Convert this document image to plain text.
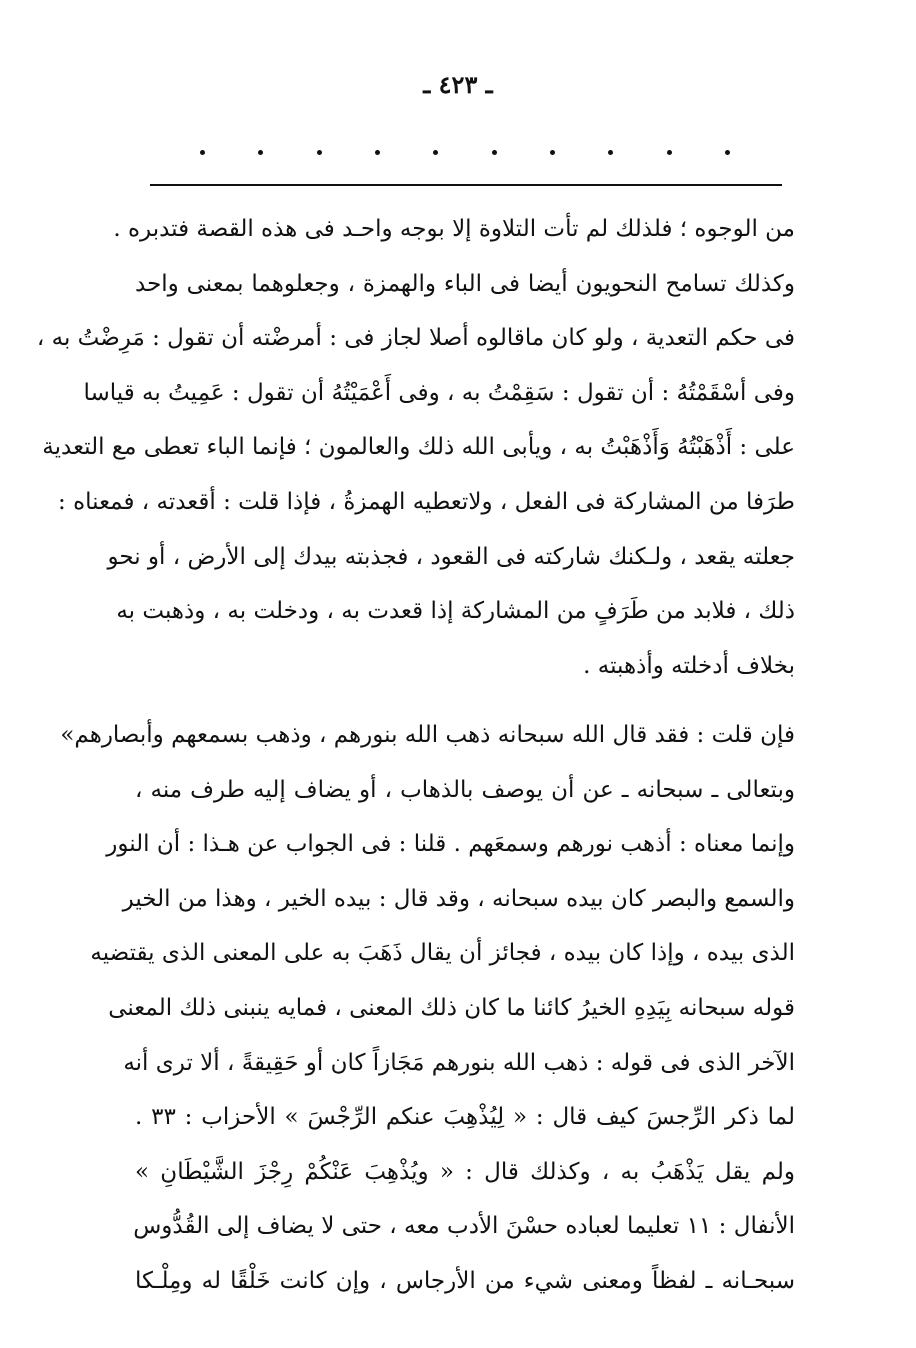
ـ ٤٢٣ ـ
من الوجوه ؛ فلذلك لم تأت التلاوة إلا بوجه واحـد فى هذه القصة فتدبره .
وكذلك تسامح النحويون أيضا فى الباء والهمزة ، وجعلوهما بمعنى واحد
فى حكم التعدية ، ولو كان ماقالوه أصلا لجاز فى : أمرضْته أن تقول : مَرِضْتُ به ،
وفى أسْقَمْتُهُ : أن تقول : سَقِمْتُ به ، وفى أَعْمَيْتُهُ أن تقول : عَمِيتُ به قياسا
على : أَذْهَبْتُهُ وَأَذْهَبْتُ به ، ويأبى الله ذلك والعالمون ؛ فإنما الباء تعطى مع التعدية
طرَفا من المشاركة فى الفعل ، ولاتعطيه الهمزةُ ، فإذا قلت : أقعدته ، فمعناه :
جعلته يقعد ، ولـكنك شاركته فى القعود ، فجذبته بيدك إلى الأرض ، أو نحو
ذلك ، فلابد من طَرَفٍ من المشاركة إذا قعدت به ، ودخلت به ، وذهبت به
بخلاف أدخلته وأذهبته .
فإن قلت : فقد قال الله سبحانه ذهب الله بنورهم ، وذهب بسمعهم وأبصارهم»
وبتعالى ـ سبحانه ـ عن أن يوصف بالذهاب ، أو يضاف إليه طرف منه ،
وإنما معناه : أذهب نورهم وسمعَهم . قلنا : فى الجواب عن هـذا : أن النور
والسمع والبصر كان بيده سبحانه ، وقد قال : بيده الخير ، وهذا من الخير
الذى بيده ، وإذا كان بيده ، فجائز أن يقال ذَهَبَ به على المعنى الذى يقتضيه
قوله سبحانه بِيَدِهِ الخيرُ كائنا ما كان ذلك المعنى ، فمايه ينبنى ذلك المعنى
الآخر الذى فى قوله : ذهب الله بنورهم مَجَازاً كان أو حَقِيقةً ، ألا ترى أنه
لما ذكر الرِّجسَ كيف قال : « لِيُذْهِبَ عنكم الرِّجْسَ » الأحزاب : ٣٣ .
ولم يقل يَذْهَبُ به ، وكذلك قال : « ويُذْهِبَ عَنْكُمْ رِجْزَ الشَّيْطَانِ »
الأنفال : ١١ تعليما لعباده حسْنَ الأدب معه ، حتى لا يضاف إلى القُدُّوس
سبحـانه ـ لفظاً ومعنى شيء من الأرجاس ، وإن كانت خَلْقًا له ومِلْـكا
